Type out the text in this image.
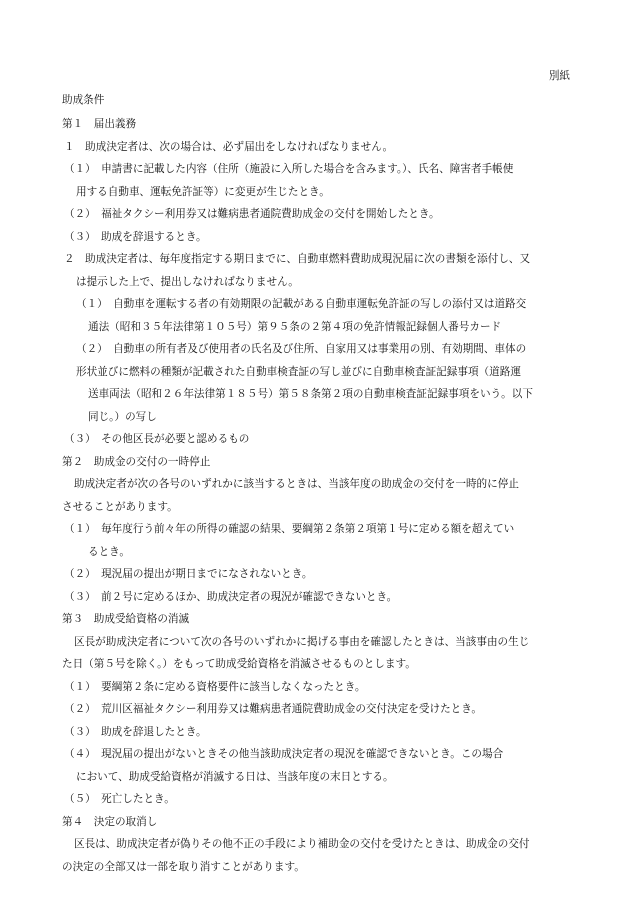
別紙
助成条件
第１　届出義務
１　助成決定者は、次の場合は、必ず届出をしなければなりません。
（１）　申請書に記載した内容（住所（施設に入所した場合を含みます。）、氏名、障害者手帳使
用する自動車、運転免許証等）に変更が生じたとき。
（２）　福祉タクシー利用券又は難病患者通院費助成金の交付を開始したとき。
（３）　助成を辞退するとき。
２　助成決定者は、毎年度指定する期日までに、自動車燃料費助成現況届に次の書類を添付し、又
は提示した上で、提出しなければなりません。
（１）　自動車を運転する者の有効期限の記載がある自動車運転免許証の写しの添付又は道路交
通法（昭和３５年法律第１０５号）第９５条の２第４項の免許情報記録個人番号カード
（２）　自動車の所有者及び使用者の氏名及び住所、自家用又は事業用の別、有効期間、車体の
形状並びに燃料の種類が記載された自動車検査証の写し並びに自動車検査証記録事項（道路運
送車両法（昭和２６年法律第１８５号）第５８条第２項の自動車検査証記録事項をいう。以下
同じ。）の写し
（３）　その他区長が必要と認めるもの
第２　助成金の交付の一時停止
助成決定者が次の各号のいずれかに該当するときは、当該年度の助成金の交付を一時的に停止
させることがあります。
（１）　毎年度行う前々年の所得の確認の結果、要綱第２条第２項第１号に定める額を超えてい
るとき。
（２）　現況届の提出が期日までになされないとき。
（３）　前２号に定めるほか、助成決定者の現況が確認できないとき。
第３　助成受給資格の消滅
区長が助成決定者について次の各号のいずれかに掲げる事由を確認したときは、当該事由の生じ
た日（第５号を除く。）をもって助成受給資格を消滅させるものとします。
（１）　要綱第２条に定める資格要件に該当しなくなったとき。
（２）　荒川区福祉タクシー利用券又は難病患者通院費助成金の交付決定を受けたとき。
（３）　助成を辞退したとき。
（４）　現況届の提出がないときその他当該助成決定者の現況を確認できないとき。この場合
において、助成受給資格が消滅する日は、当該年度の末日とする。
（５）　死亡したとき。
第４　決定の取消し
区長は、助成決定者が偽りその他不正の手段により補助金の交付を受けたときは、助成金の交付
の決定の全部又は一部を取り消すことがあります。
